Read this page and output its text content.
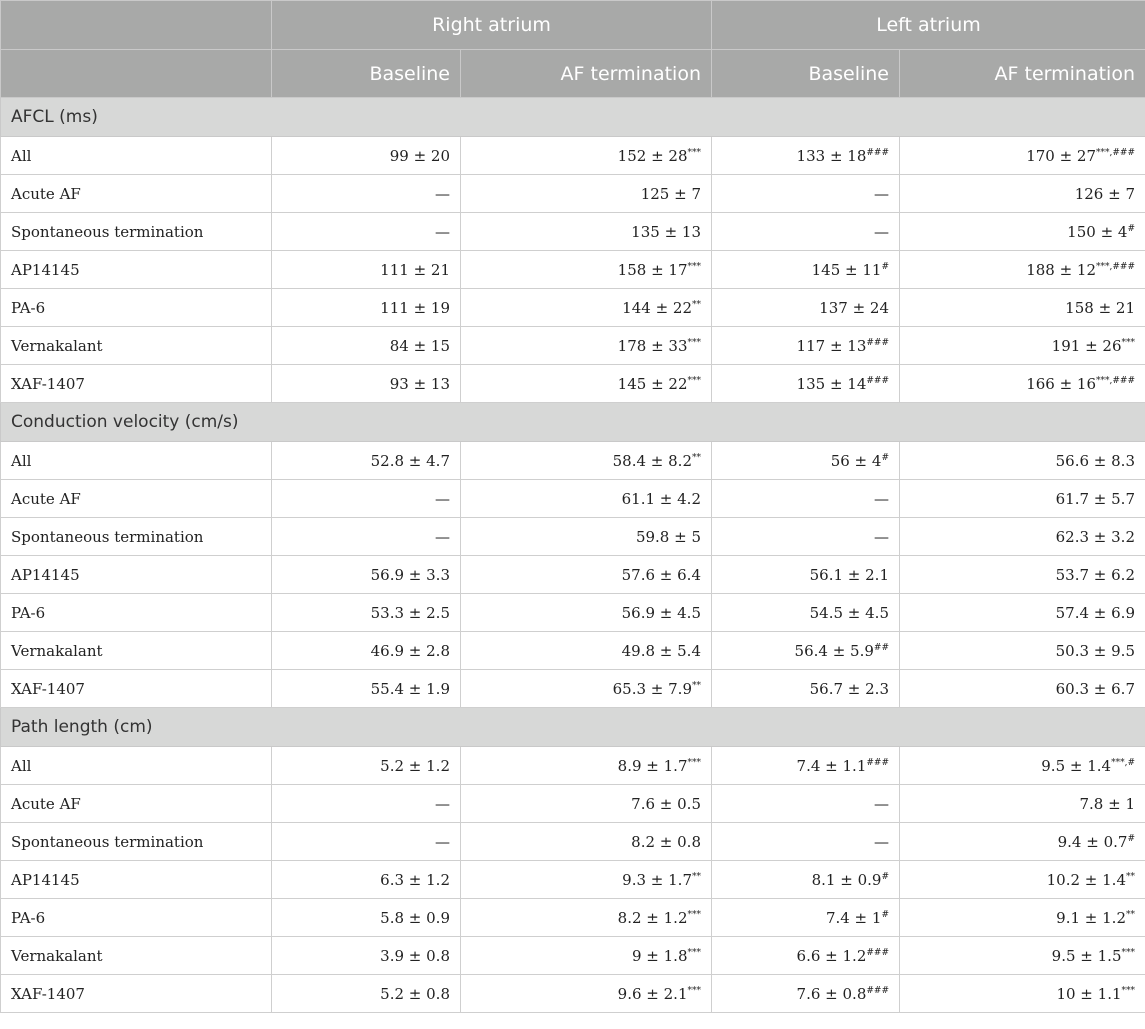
	Right atrium		Left atrium	
	Baseline	AF termination	Baseline	AF termination
AFCL (ms)				
All	99 ± 20	152 ± 28***	133 ± 18###	170 ± 27***,###
Acute AF	—	125 ± 7	—	126 ± 7
Spontaneous termination	—	135 ± 13	—	150 ± 4#
AP14145	111 ± 21	158 ± 17***	145 ± 11#	188 ± 12***,###
PA-6	111 ± 19	144 ± 22**	137 ± 24	158 ± 21
Vernakalant	84 ± 15	178 ± 33***	117 ± 13###	191 ± 26***
XAF-1407	93 ± 13	145 ± 22***	135 ± 14###	166 ± 16***,###
Conduction velocity (cm/s)				
All	52.8 ± 4.7	58.4 ± 8.2**	56 ± 4#	56.6 ± 8.3
Acute AF	—	61.1 ± 4.2	—	61.7 ± 5.7
Spontaneous termination	—	59.8 ± 5	—	62.3 ± 3.2
AP14145	56.9 ± 3.3	57.6 ± 6.4	56.1 ± 2.1	53.7 ± 6.2
PA-6	53.3 ± 2.5	56.9 ± 4.5	54.5 ± 4.5	57.4 ± 6.9
Vernakalant	46.9 ± 2.8	49.8 ± 5.4	56.4 ± 5.9##	50.3 ± 9.5
XAF-1407	55.4 ± 1.9	65.3 ± 7.9**	56.7 ± 2.3	60.3 ± 6.7
Path length (cm)				
All	5.2 ± 1.2	8.9 ± 1.7***	7.4 ± 1.1###	9.5 ± 1.4***,#
Acute AF	—	7.6 ± 0.5	—	7.8 ± 1
Spontaneous termination	—	8.2 ± 0.8	—	9.4 ± 0.7#
AP14145	6.3 ± 1.2	9.3 ± 1.7**	8.1 ± 0.9#	10.2 ± 1.4**
PA-6	5.8 ± 0.9	8.2 ± 1.2***	7.4 ± 1#	9.1 ± 1.2**
Vernakalant	3.9 ± 0.8	9 ± 1.8***	6.6 ± 1.2###	9.5 ± 1.5***
XAF-1407	5.2 ± 0.8	9.6 ± 2.1***	7.6 ± 0.8###	10 ± 1.1***
